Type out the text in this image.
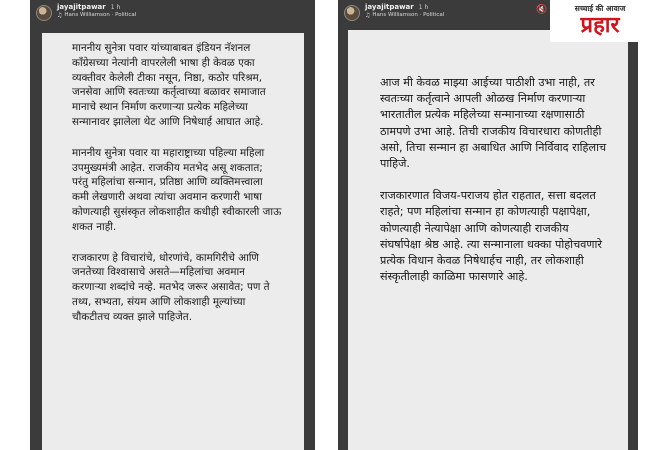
jayajitpawar 1 h
♫ Hans Williamson · Political

माननीय सुनेत्रा पवार यांच्याबाबत इंडियन नॅशनल काँग्रेसच्या नेत्यांनी वापरलेली भाषा ही केवळ एका व्यक्तीवर केलेली टीका नसून, निष्ठा, कठोर परिश्रम, जनसेवा आणि स्वतःच्या कर्तृत्वाच्या बळावर समाजात मानाचे स्थान निर्माण करणाऱ्या प्रत्येक महिलेच्या सन्मानावर झालेला थेट आणि निषेधार्ह आघात आहे.

माननीय सुनेत्रा पवार या महाराष्ट्राच्या पहिल्या महिला उपमुख्यमंत्री आहेत. राजकीय मतभेद असू शकतात; परंतु महिलांचा सन्मान, प्रतिष्ठा आणि व्यक्तिमत्त्वाला कमी लेखणारी अथवा त्यांचा अवमान करणारी भाषा कोणत्याही सुसंस्कृत लोकशाहीत कधीही स्वीकारली जाऊ शकत नाही.

राजकारण हे विचारांचे, धोरणांचे, कामगिरीचे आणि जनतेच्या विश्वासाचे असते—महिलांचा अवमान करणाऱ्या शब्दांचे नव्हे. मतभेद जरूर असावेत; पण ते तथ्य, सभ्यता, संयम आणि लोकशाही मूल्यांच्या चौकटीतच व्यक्त झाले पाहिजेत.

jayajitpawar 1 h
♫ Hans Williamson · Political
🔇

आज मी केवळ माझ्या आईच्या पाठीशी उभा नाही, तर स्वतःच्या कर्तृत्वाने आपली ओळख निर्माण करणाऱ्या भारतातील प्रत्येक महिलेच्या सन्मानाच्या रक्षणासाठी ठामपणे उभा आहे. तिची राजकीय विचारधारा कोणतीही असो, तिचा सन्मान हा अबाधित आणि निर्विवाद राहिलाच पाहिजे.

राजकारणात विजय-पराजय होत राहतात, सत्ता बदलत राहते; पण महिलांचा सन्मान हा कोणत्याही पक्षापेक्षा, कोणत्याही नेत्यापेक्षा आणि कोणत्याही राजकीय संघर्षापेक्षा श्रेष्ठ आहे. त्या सन्मानाला धक्का पोहोचवणारे प्रत्येक विधान केवळ निषेधार्हच नाही, तर लोकशाही संस्कृतीलाही काळिमा फासणारे आहे.

सच्चाई की आवाज
प्रहार
